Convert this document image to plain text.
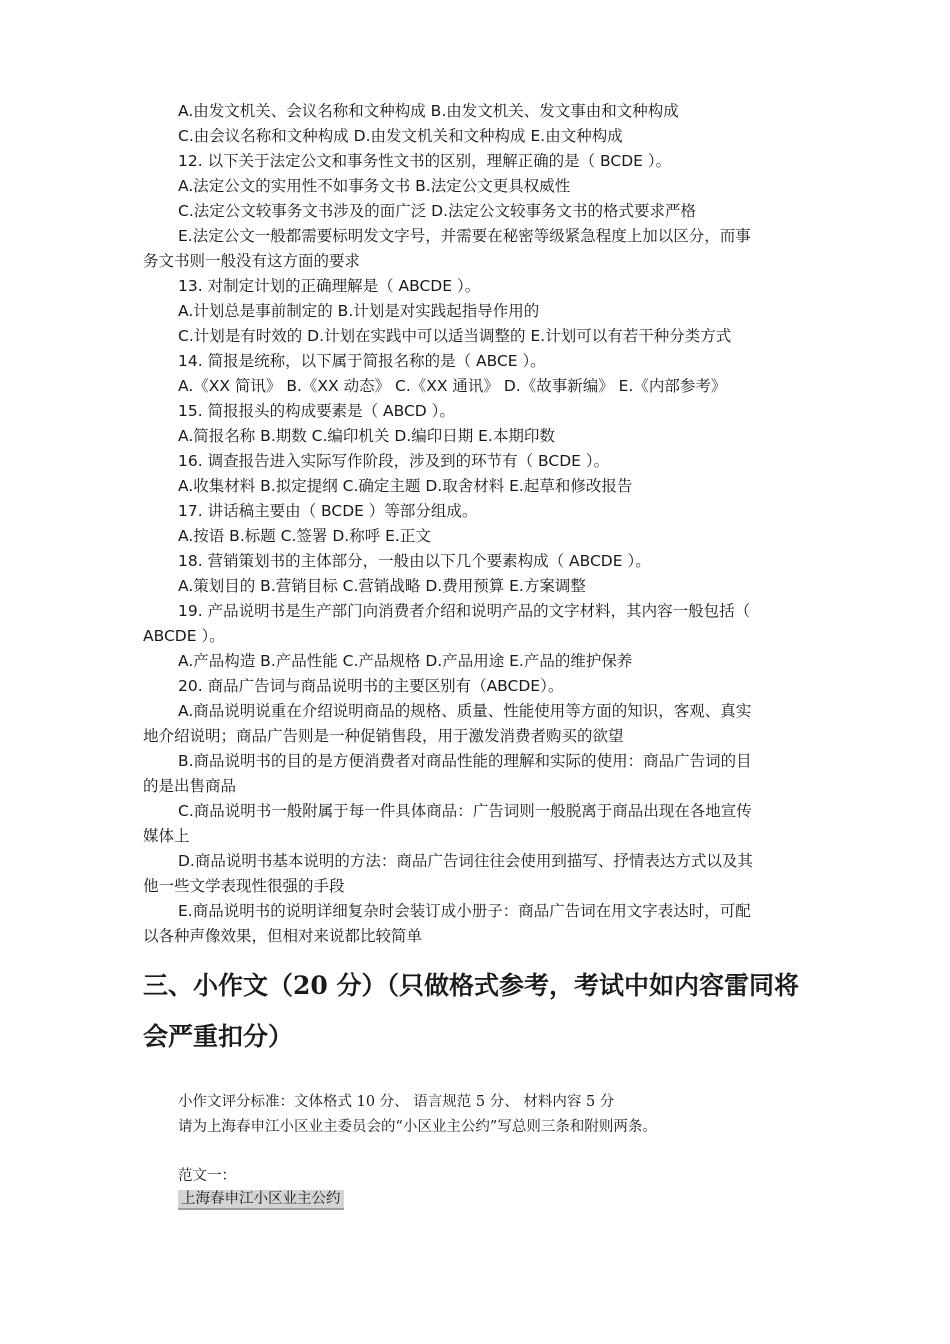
A.由发文机关、会议名称和文种构成 B.由发文机关、发文事由和文种构成
C.由会议名称和文种构成 D.由发文机关和文种构成 E.由文种构成
12. 以下关于法定公文和事务性文书的区别，理解正确的是（ BCDE ）。
A.法定公文的实用性不如事务文书 B.法定公文更具权威性
C.法定公文较事务文书涉及的面广泛 D.法定公文较事务文书的格式要求严格
E.法定公文一般都需要标明发文字号，并需要在秘密等级紧急程度上加以区分，而事
务文书则一般没有这方面的要求
13. 对制定计划的正确理解是（ ABCDE ）。
A.计划总是事前制定的 B.计划是对实践起指导作用的
C.计划是有时效的 D.计划在实践中可以适当调整的 E.计划可以有若干种分类方式
14. 简报是统称，以下属于简报名称的是（ ABCE ）。
A.《XX 简讯》 B.《XX 动态》 C.《XX 通讯》 D.《故事新编》 E.《内部参考》
15. 简报报头的构成要素是（ ABCD ）。
A.简报名称 B.期数 C.编印机关 D.编印日期 E.本期印数
16. 调查报告进入实际写作阶段，涉及到的环节有（ BCDE ）。
A.收集材料 B.拟定提纲 C.确定主题 D.取舍材料 E.起草和修改报告
17. 讲话稿主要由（ BCDE ）等部分组成。
A.按语 B.标题 C.签署 D.称呼 E.正文
18. 营销策划书的主体部分，一般由以下几个要素构成（ ABCDE ）。
A.策划目的 B.营销目标 C.营销战略 D.费用预算 E.方案调整
19. 产品说明书是生产部门向消费者介绍和说明产品的文字材料，其内容一般包括（
ABCDE ）。
A.产品构造 B.产品性能 C.产品规格 D.产品用途 E.产品的维护保养
20. 商品广告词与商品说明书的主要区别有（ABCDE）。
A.商品说明说重在介绍说明商品的规格、质量、性能使用等方面的知识，客观、真实
地介绍说明；商品广告则是一种促销售段，用于激发消费者购买的欲望
B.商品说明书的目的是方便消费者对商品性能的理解和实际的使用：商品广告词的目
的是出售商品
C.商品说明书一般附属于每一件具体商品：广告词则一般脱离于商品出现在各地宣传
媒体上
D.商品说明书基本说明的方法：商品广告词往往会使用到描写、抒情表达方式以及其
他一些文学表现性很强的手段
E.商品说明书的说明详细复杂时会装订成小册子：商品广告词在用文字表达时，可配
以各种声像效果，但相对来说都比较简单
三、小作文（20 分）（只做格式参考，考试中如内容雷同将
会严重扣分）
小作文评分标准：文体格式 10 分、 语言规范 5 分、 材料内容 5 分
请为上海春申江小区业主委员会的“小区业主公约”写总则三条和附则两条。
范文一：
上海春申江小区业主公约
